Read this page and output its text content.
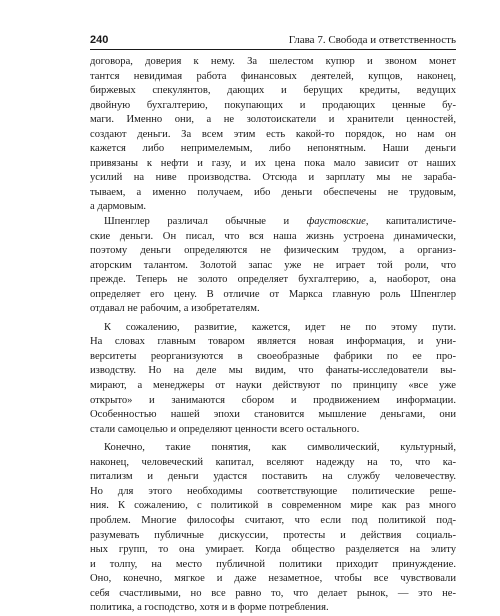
240	Глава 7. Свобода и ответственность
договора, доверия к нему. За шелестом купюр и звоном монет
тантся невидимая работа финансовых деятелей, купцов, наконец,
биржевых спекулянтов, дающих и берущих кредиты, ведущих
двойную бухгалтерию, покупающих и продающих ценные бу-
маги. Именно они, а не золотоискатели и хранители ценностей,
создают деньги. За всем этим есть какой-то порядок, но нам он
кажется либо непримелемым, либо непонятным. Наши деньги
привязаны к нефти и газу, и их цена пока мало зависит от наших
усилий на ниве производства. Отсюда и зарплату мы не зараба-
тываем, а именно получаем, ибо деньги обеспечены не трудовым,
а дармовым.
Шпенглер различал обычные и фаустовские, капиталистиче-
ские деньги. Он писал, что вся наша жизнь устроена динамически,
поэтому деньги определяются не физическим трудом, а организ-
аторским талантом. Золотой запас уже не играет той роли, что
прежде. Теперь не золото определяет бухгалтерию, а, наоборот, она
определяет его цену. В отличие от Маркса главную роль Шпенглер
отдавал не рабочим, а изобретателям.
К сожалению, развитие, кажется, идет не по этому пути.
На словах главным товаром является новая информация, и уни-
верситеты реорганизуются в своеобразные фабрики по ее про-
изводству. Но на деле мы видим, что фанаты-исследователи вы-
мирают, а менеджеры от науки действуют по принципу «все уже
открыто» и занимаются сбором и продвижением информации.
Особенностью нашей эпохи становится мышление деньгами, они
стали самоцелью и определяют ценности всего остального.
Конечно, такие понятия, как символический, культурный,
наконец, человеческий капитал, вселяют надежду на то, что ка-
питализм и деньги удастся поставить на службу человечеству.
Но для этого необходимы соответствующие политические реше-
ния. К сожалению, с политикой в современном мире как раз много
проблем. Многие философы считают, что если под политикой под-
разумевать публичные дискуссии, протесты и действия социаль-
ных групп, то она умирает. Когда общество разделяется на элиту
и толпу, на место публичной политики приходит принуждение.
Оно, конечно, мягкое и даже незаметное, чтобы все чувствовали
себя счастливыми, но все равно то, что делает рынок, — это не-
политика, а господство, хотя и в форме потребления.
